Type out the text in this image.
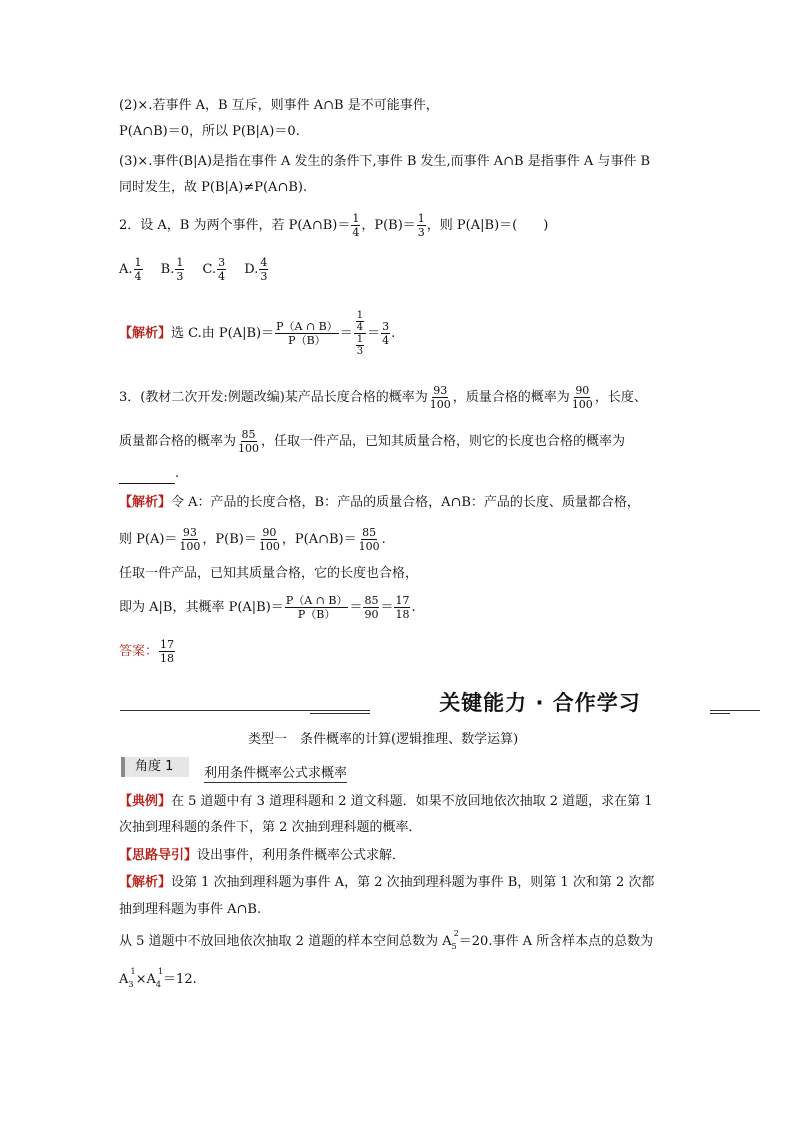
(2)×.若事件 A，B 互斥，则事件 A∩B 是不可能事件，
P(A∩B)＝0，所以 P(B|A)＝0.
(3)×.事件(B|A)是指在事件 A 发生的条件下,事件 B 发生,而事件 A∩B 是指事件 A 与事件 B
同时发生，故 P(B|A)≠P(A∩B).
2．设 A，B 为两个事件，若 P(A∩B)＝ $\frac{1}{4}$ ，$P(B)= \frac{1}{3}$ ，则 P(A|B)＝(　　)
A. $\frac{1}{4}$
   B. $\frac{1}{3}$
   C. $\frac{3}{4}$
   D. $\frac{4}{3}$
【解析】选 C.由 $P(A|B)= \frac{P(A \cap B)}{P(B)} = \frac{\frac{1}{4}}{\frac{1}{3}} = \frac{3}{4}$ .
3．(教材二次开发:例题改编)某产品长度合格的概率为 $\frac{93}{100}$ ，质量合格的概率为 $\frac{90}{100}$ ，长度、
质量都合格的概率为 $\frac{85}{100}$ ，任取一件产品，已知其质量合格，则它的长度也合格的概率为
.
【解析】令 A：产品的长度合格，B：产品的质量合格，A∩B：产品的长度、质量都合格，
则 $P(A)= \frac{93}{100}$ ，$P(B)= \frac{90}{100}$ ，P(A∩B)＝ $\frac{85}{100}$ .
任取一件产品，已知其质量合格，它的长度也合格，
即为 A|B，其概率 $P(A|B)= \frac{P(A \cap B)}{P(B)} = \frac{85}{90} = \frac{17}{18}$ .
答案： $\frac{17}{18}$
关键能力 · 合作学习
类型一　条件概率的计算(逻辑推理、数学运算)
角度 1	利用条件概率公式求概率
【典例】在 5 道题中有 3 道理科题和 2 道文科题．如果不放回地依次抽取 2 道题，求在第 1
次抽到理科题的条件下，第 2 次抽到理科题的概率．
【思路导引】设出事件，利用条件概率公式求解．
【解析】设第 1 次抽到理科题为事件 A，第 2 次抽到理科题为事件 B，则第 1 次和第 2 次都
抽到理科题为事件 A∩B.
从 5 道题中不放回地依次抽取 2 道题的样本空间总数为 $A_5^2=20$.事件 A 所含样本点的总数为
$A_3^1\times A_4^1=12$.
